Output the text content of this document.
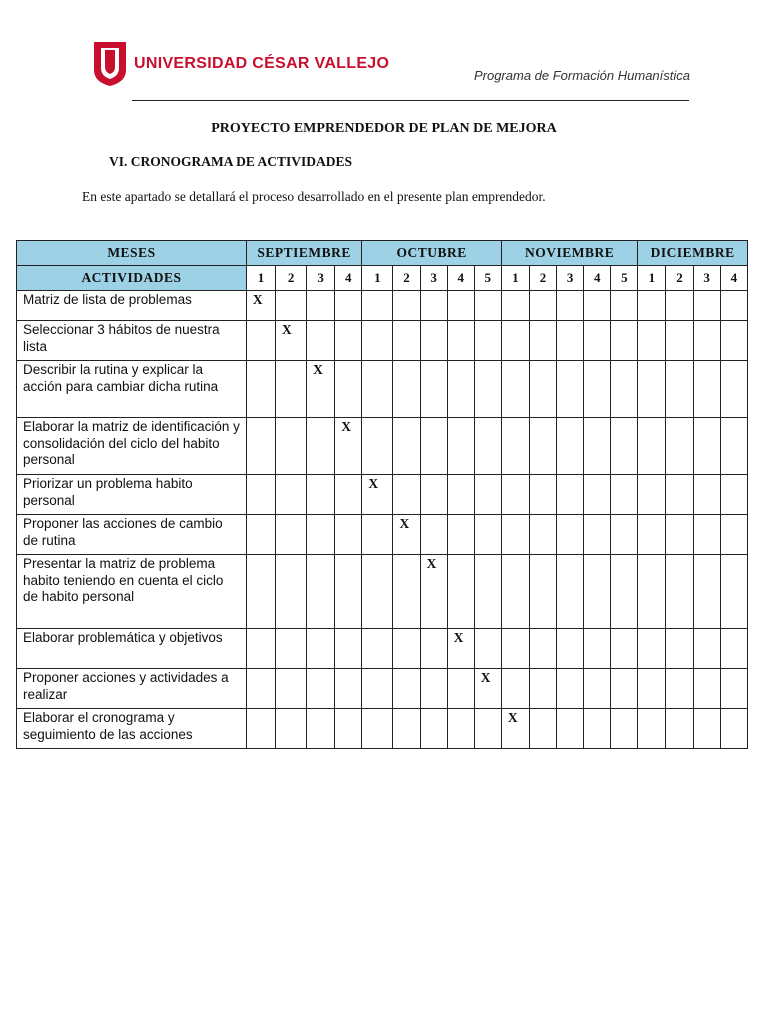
UNIVERSIDAD CÉSAR VALLEJO
Programa de Formación Humanística
PROYECTO EMPRENDEDOR DE PLAN DE MEJORA
VI. CRONOGRAMA DE ACTIVIDADES
En este apartado se detallará el proceso desarrollado en el presente plan emprendedor.
MESES	SEPTIEMBRE				OCTUBRE					NOVIEMBRE					DICIEMBRE			
ACTIVIDADES	1	2	3	4	1	2	3	4	5	1	2	3	4	5	1	2	3	4
Matriz de lista de problemas	X																	
Seleccionar 3 hábitos de nuestra lista		X																
Describir la rutina y explicar la acción para cambiar dicha rutina			X															
Elaborar la matriz de identificación y consolidación del ciclo del habito personal				X														
Priorizar un problema habito personal					X													
Proponer las acciones de cambio de rutina						X												
Presentar la matriz de problema habito teniendo en cuenta el ciclo de habito personal							X											
Elaborar problemática y objetivos								X										
Proponer acciones y actividades a realizar									X									
Elaborar el cronograma y seguimiento de las acciones										X								
